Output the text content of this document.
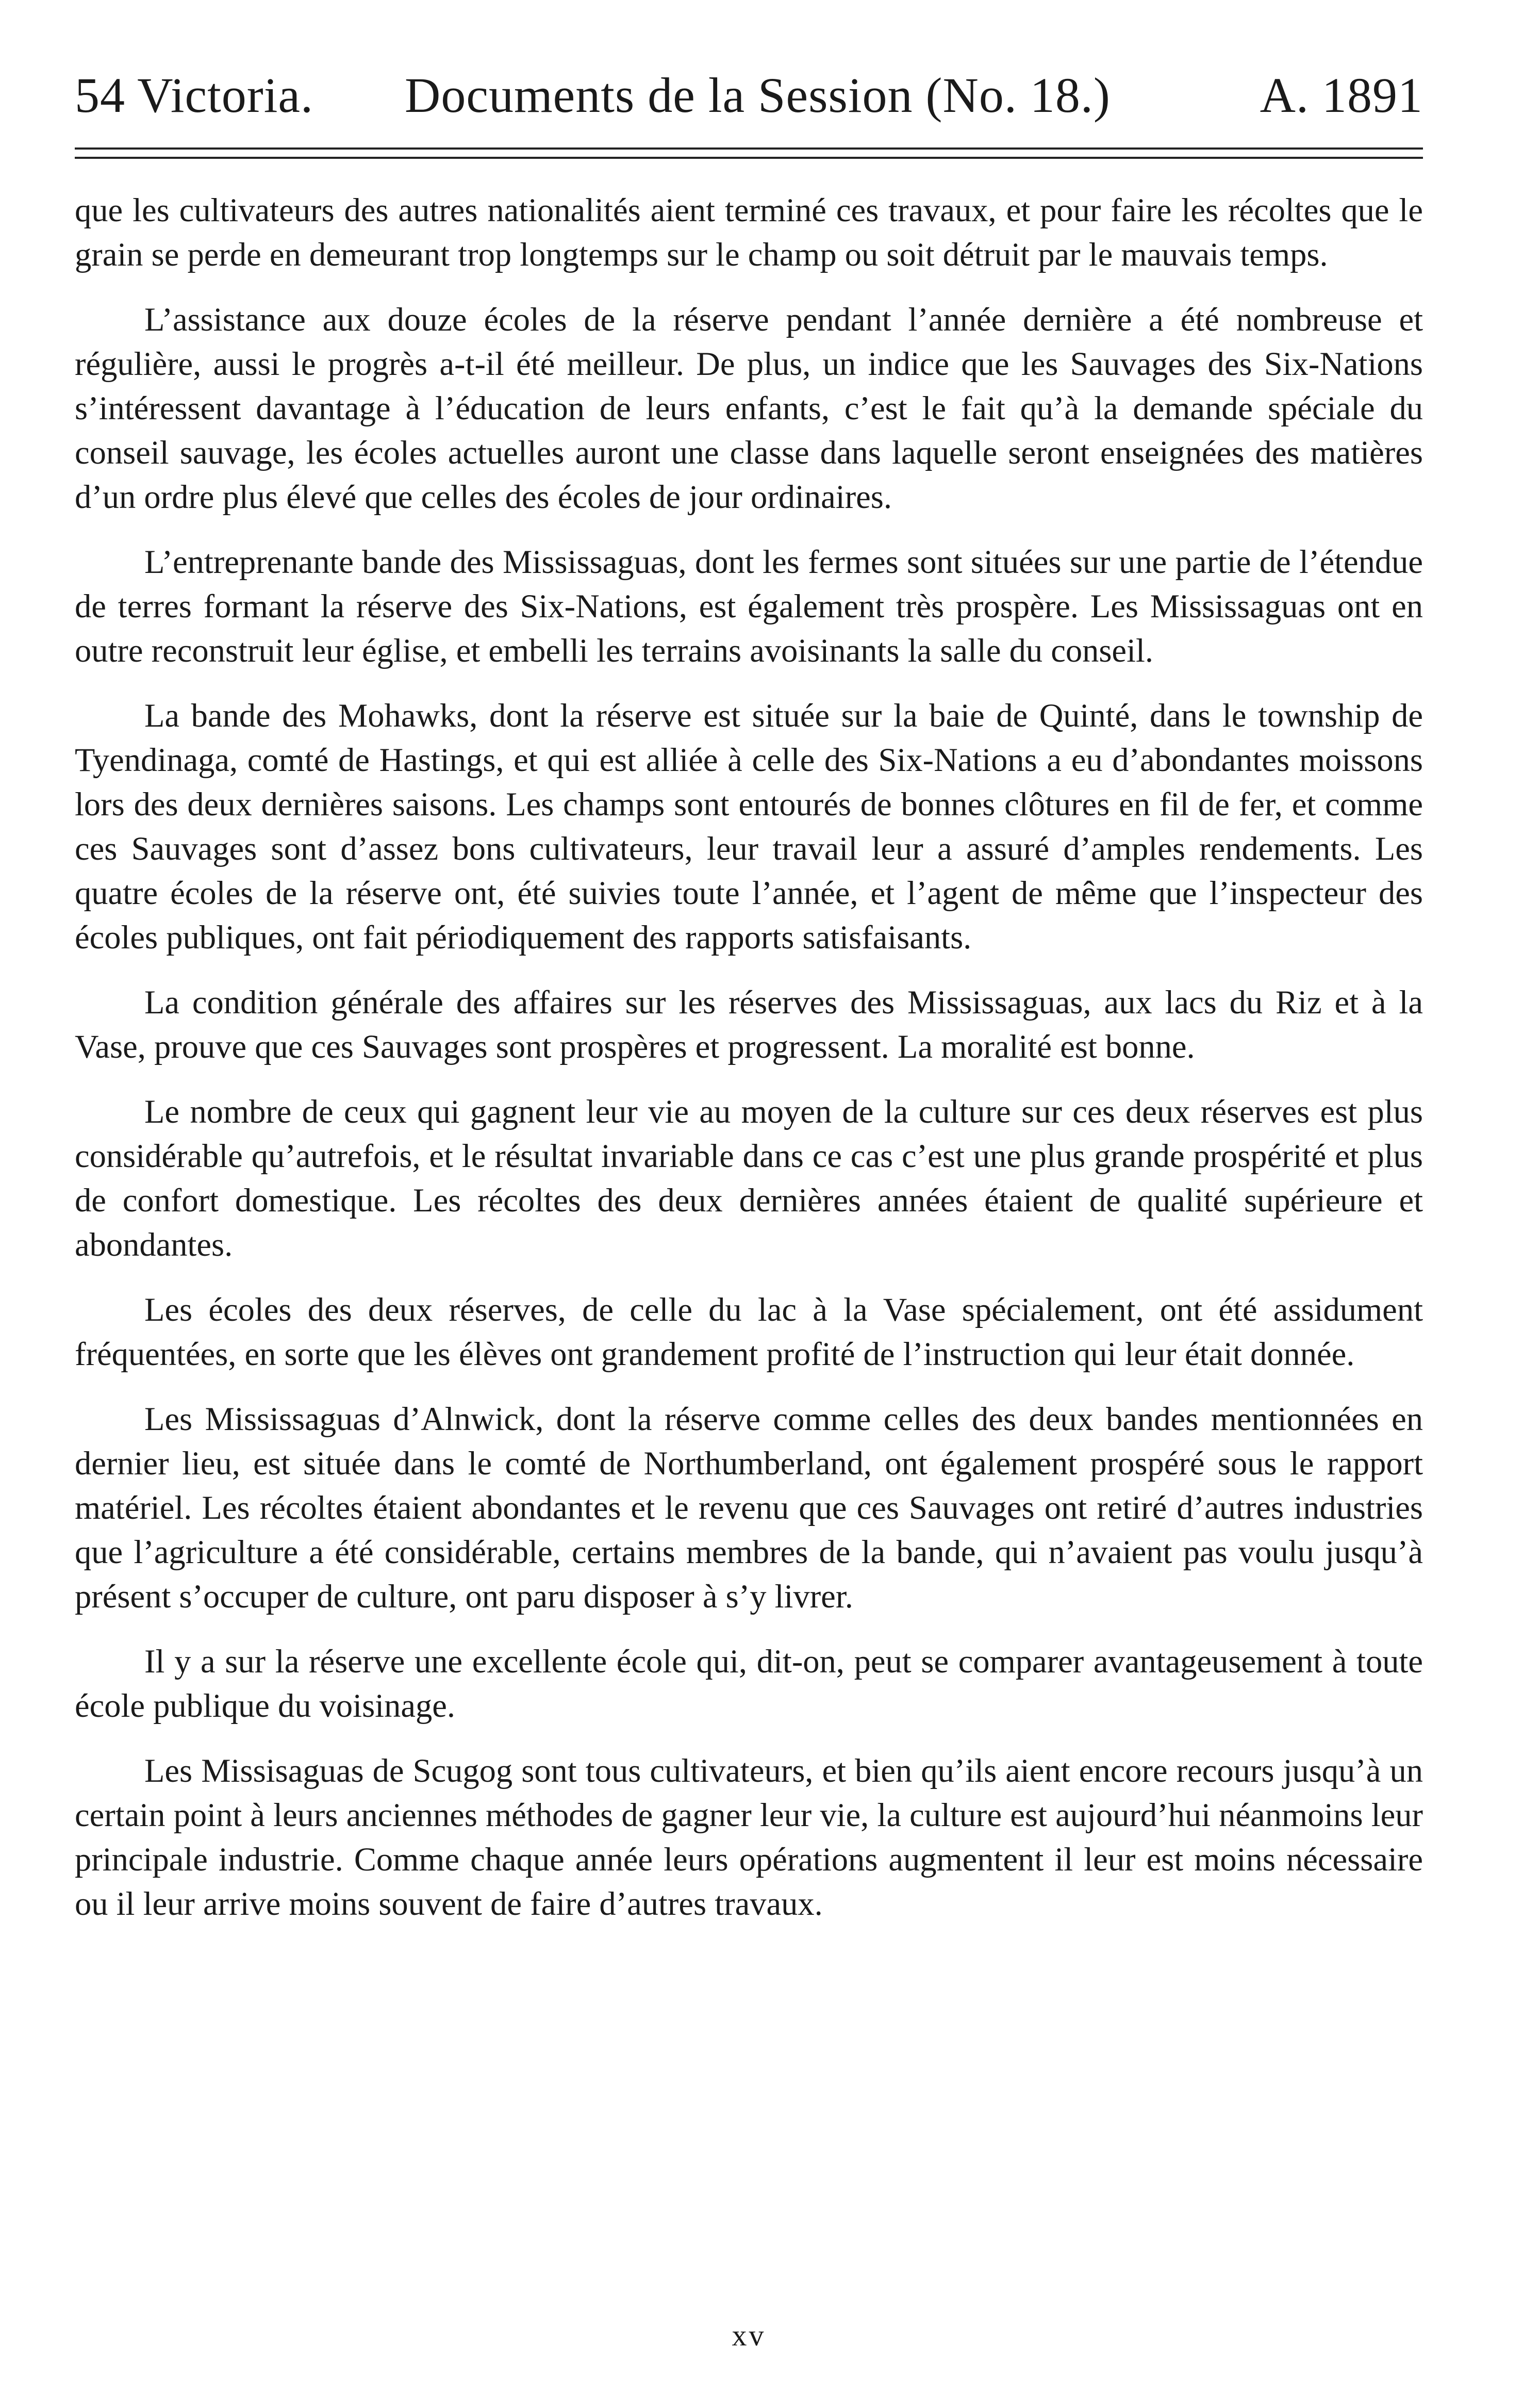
54 Victoria. Documents de la Session (No. 18.)	A. 1891

que les cultivateurs des autres nationalités aient terminé ces travaux, et pour faire les récoltes que le grain se perde en demeurant trop longtemps sur le champ ou soit détruit par le mauvais temps.

L’assistance aux douze écoles de la réserve pendant l’année dernière a été nombreuse et régulière, aussi le progrès a-t-il été meilleur. De plus, un indice que les Sauvages des Six-Nations s’intéressent davantage à l’éducation de leurs enfants, c’est le fait qu’à la demande spéciale du conseil sauvage, les écoles actuelles auront une classe dans laquelle seront enseignées des matières d’un ordre plus élevé que celles des écoles de jour ordinaires.

L’entreprenante bande des Mississaguas, dont les fermes sont situées sur une partie de l’étendue de terres formant la réserve des Six-Nations, est également très prospère. Les Mississaguas ont en outre reconstruit leur église, et embelli les terrains avoisinants la salle du conseil.

La bande des Mohawks, dont la réserve est située sur la baie de Quinté, dans le township de Tyendinaga, comté de Hastings, et qui est alliée à celle des Six-Nations a eu d’abondantes moissons lors des deux dernières saisons. Les champs sont entourés de bonnes clôtures en fil de fer, et comme ces Sauvages sont d’assez bons cultivateurs, leur travail leur a assuré d’amples rendements. Les quatre écoles de la réserve ont, été suivies toute l’année, et l’agent de même que l’inspecteur des écoles publiques, ont fait périodiquement des rapports satisfaisants.

La condition générale des affaires sur les réserves des Mississaguas, aux lacs du Riz et à la Vase, prouve que ces Sauvages sont prospères et progressent. La moralité est bonne.

Le nombre de ceux qui gagnent leur vie au moyen de la culture sur ces deux réserves est plus considérable qu’autrefois, et le résultat invariable dans ce cas c’est une plus grande prospérité et plus de confort domestique. Les récoltes des deux dernières années étaient de qualité supérieure et abondantes.

Les écoles des deux réserves, de celle du lac à la Vase spécialement, ont été assidument fréquentées, en sorte que les élèves ont grandement profité de l’instruction qui leur était donnée.

Les Mississaguas d’Alnwick, dont la réserve comme celles des deux bandes mentionnées en dernier lieu, est située dans le comté de Northumberland, ont également prospéré sous le rapport matériel. Les récoltes étaient abondantes et le revenu que ces Sauvages ont retiré d’autres industries que l’agriculture a été considérable, certains membres de la bande, qui n’avaient pas voulu jusqu’à présent s’occuper de culture, ont paru disposer à s’y livrer.

Il y a sur la réserve une excellente école qui, dit-on, peut se comparer avantageusement à toute école publique du voisinage.

Les Missisaguas de Scugog sont tous cultivateurs, et bien qu’ils aient encore recours jusqu’à un certain point à leurs anciennes méthodes de gagner leur vie, la culture est aujourd’hui néanmoins leur principale industrie. Comme chaque année leurs opérations augmentent il leur est moins nécessaire ou il leur arrive moins souvent de faire d’autres travaux.

xv
